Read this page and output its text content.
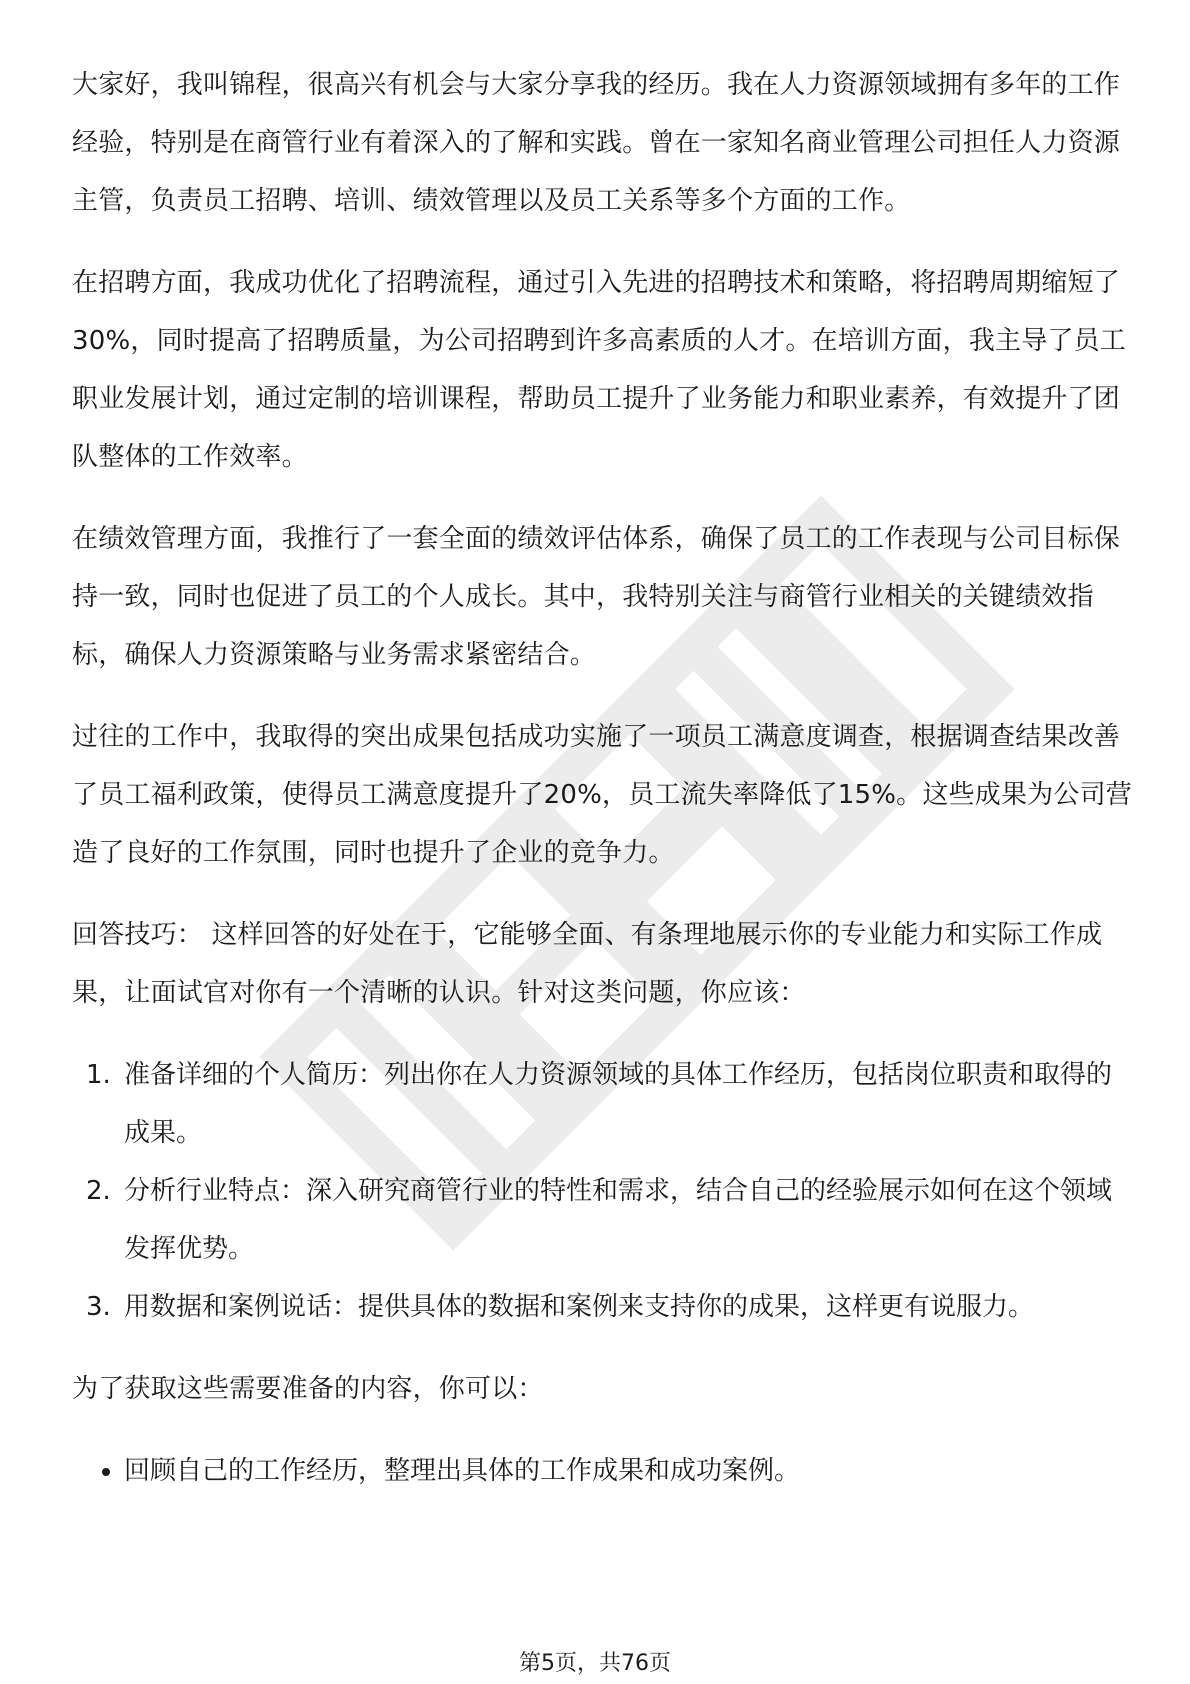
大家好，我叫锦程，很高兴有机会与大家分享我的经历。我在人力资源领域拥有多年的工作经验，特别是在商管行业有着深入的了解和实践。曾在一家知名商业管理公司担任人力资源主管，负责员工招聘、培训、绩效管理以及员工关系等多个方面的工作。

在招聘方面，我成功优化了招聘流程，通过引入先进的招聘技术和策略，将招聘周期缩短了30%，同时提高了招聘质量，为公司招聘到许多高素质的人才。在培训方面，我主导了员工职业发展计划，通过定制的培训课程，帮助员工提升了业务能力和职业素养，有效提升了团队整体的工作效率。

在绩效管理方面，我推行了一套全面的绩效评估体系，确保了员工的工作表现与公司目标保持一致，同时也促进了员工的个人成长。其中，我特别关注与商管行业相关的关键绩效指标，确保人力资源策略与业务需求紧密结合。

过往的工作中，我取得的突出成果包括成功实施了一项员工满意度调查，根据调查结果改善了员工福利政策，使得员工满意度提升了20%，员工流失率降低了15%。这些成果为公司营造了良好的工作氛围，同时也提升了企业的竞争力。

回答技巧： 这样回答的好处在于，它能够全面、有条理地展示你的专业能力和实际工作成果，让面试官对你有一个清晰的认识。针对这类问题，你应该：

1. 准备详细的个人简历：列出你在人力资源领域的具体工作经历，包括岗位职责和取得的成果。
2. 分析行业特点：深入研究商管行业的特性和需求，结合自己的经验展示如何在这个领域发挥优势。
3. 用数据和案例说话：提供具体的数据和案例来支持你的成果，这样更有说服力。

为了获取这些需要准备的内容，你可以：

回顾自己的工作经历，整理出具体的工作成果和成功案例。
第5页，共76页
